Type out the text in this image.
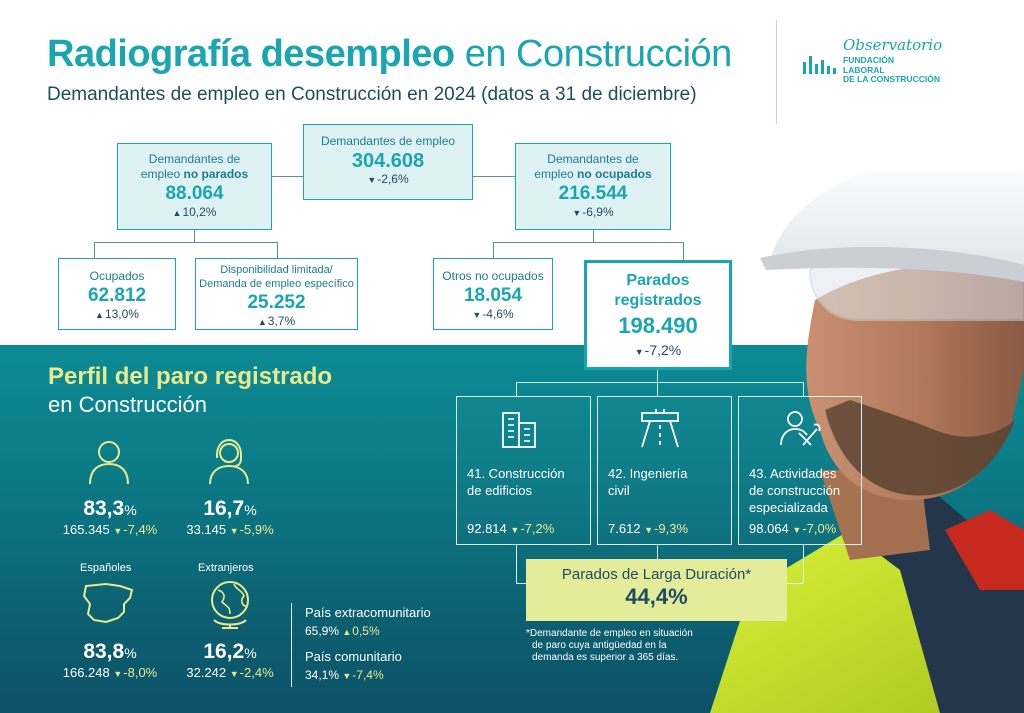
Radiografía desempleo en Construcción
Demandantes de empleo en Construcción en 2024 (datos a 31 de diciembre)
Observatorio
FUNDACIÓN
LABORAL
DE LA CONSTRUCCIÓN
Demandantes de empleo
304.608
▼ -2,6%
Demandantes de
empleo no parados
88.064
▲ 10,2%
Demandantes de
empleo no ocupados
216.544
▼ -6,9%
Ocupados
62.812
▲ 13,0%
Disponibilidad limitada/
Demanda de empleo específico
25.252
▲ 3,7%
Otros no ocupados
18.054
▼ -4,6%
Parados
registrados
198.490
▼ -7,2%
Perfil del paro registrado
en Construcción
83,3%
165.345 ▼ -7,4%
16,7%
33.145 ▼ -5,9%
Españoles	Extranjeros
83,8%
166.248 ▼ -8,0%
16,2%
32.242 ▼ -2,4%
País extracomunitario
65,9% ▲ 0,5%
País comunitario
34,1% ▼ -7,4%
41. Construcción
de edificios
92.814 ▼ -7,2%
42. Ingeniería
civil
7.612 ▼ -9,3%
43. Actividades
de construcción
especializada
98.064 ▼ -7,0%
Parados de Larga Duración*
44,4%
*Demandante de empleo en situación
de paro cuya antigüedad en la
demanda es superior a 365 días.
